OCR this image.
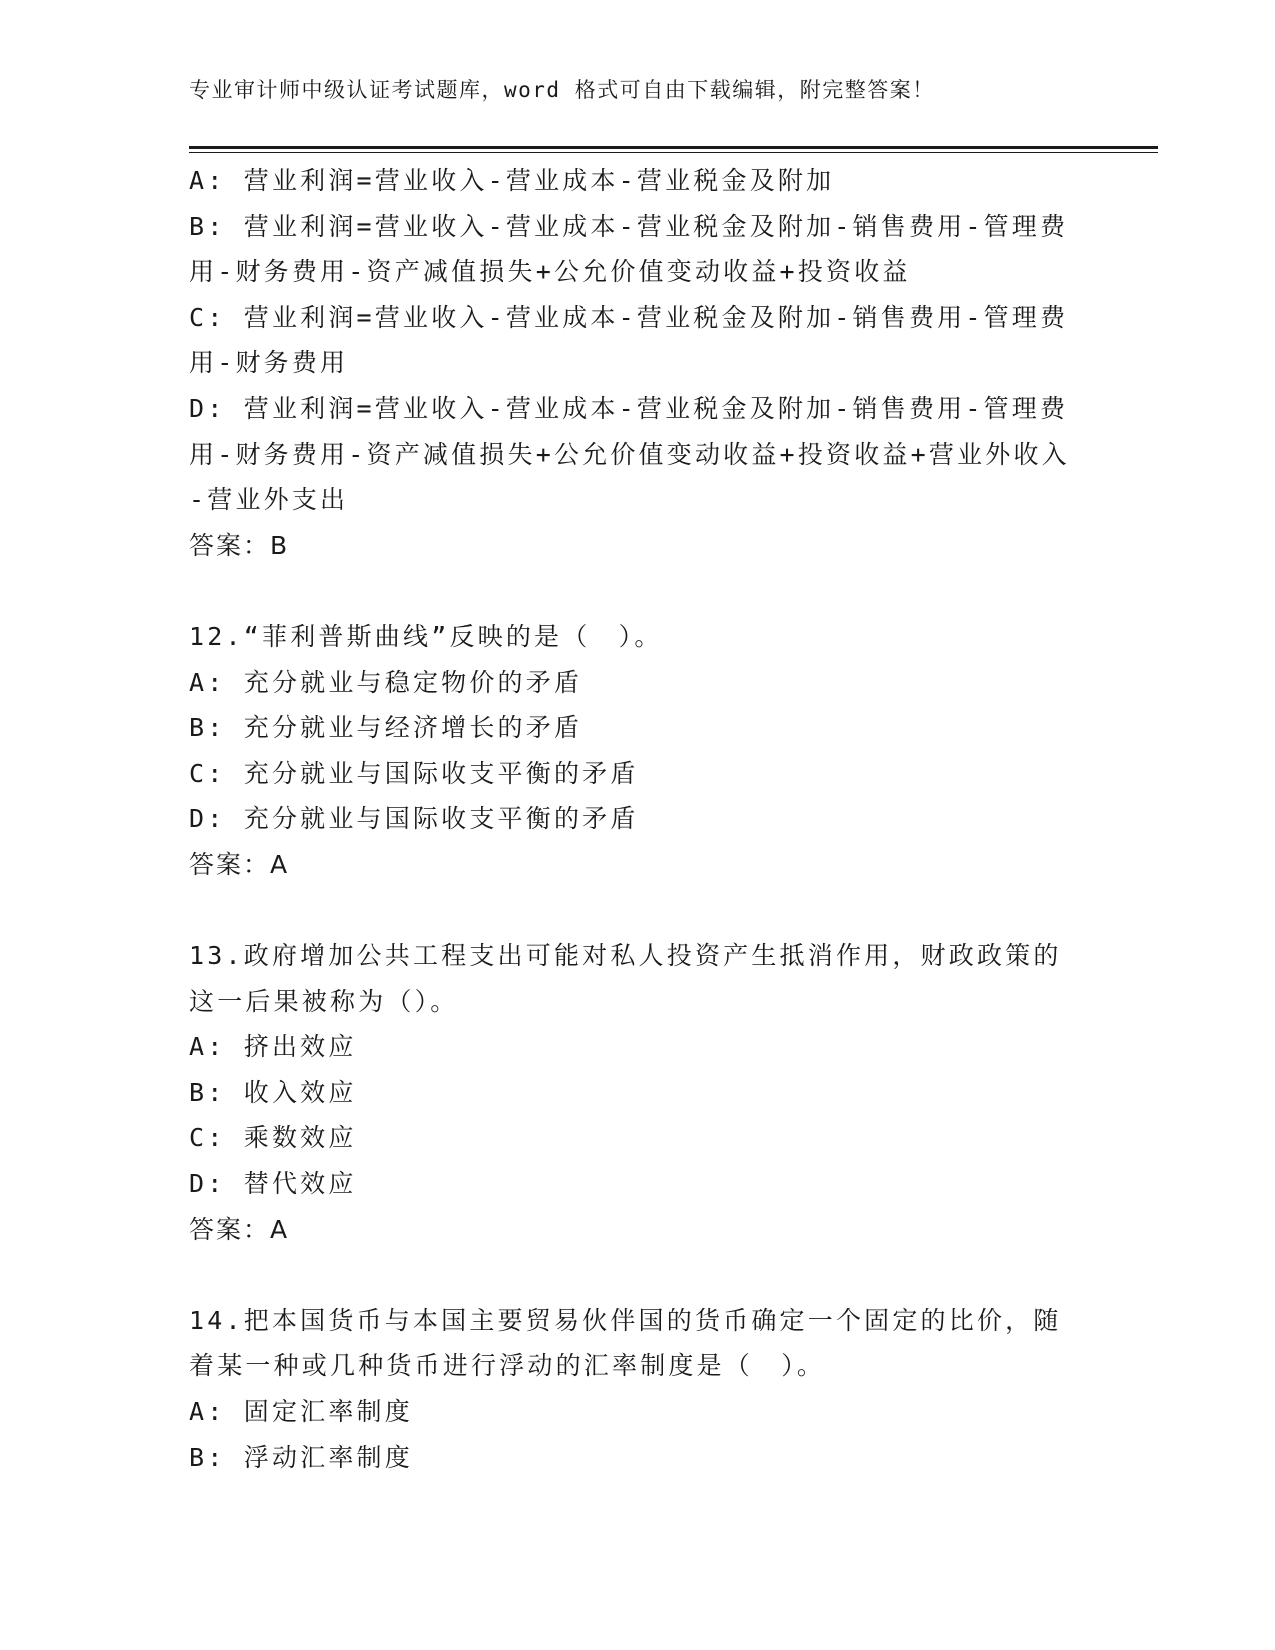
专业审计师中级认证考试题库，word 格式可自由下载编辑，附完整答案！
A: 营业利润=营业收入-营业成本-营业税金及附加
B: 营业利润=营业收入-营业成本-营业税金及附加-销售费用-管理费
用-财务费用-资产减值损失+公允价值变动收益+投资收益
C: 营业利润=营业收入-营业成本-营业税金及附加-销售费用-管理费
用-财务费用
D: 营业利润=营业收入-营业成本-营业税金及附加-销售费用-管理费
用-财务费用-资产减值损失+公允价值变动收益+投资收益+营业外收入
-营业外支出
答案：B
12.“菲利普斯曲线”反映的是（　）。
A: 充分就业与稳定物价的矛盾
B: 充分就业与经济增长的矛盾
C: 充分就业与国际收支平衡的矛盾
D: 充分就业与国际收支平衡的矛盾
答案：A
13.政府增加公共工程支出可能对私人投资产生抵消作用，财政政策的
这一后果被称为（）。
A: 挤出效应
B: 收入效应
C: 乘数效应
D: 替代效应
答案：A
14.把本国货币与本国主要贸易伙伴国的货币确定一个固定的比价，随
着某一种或几种货币进行浮动的汇率制度是（　）。
A: 固定汇率制度
B: 浮动汇率制度
